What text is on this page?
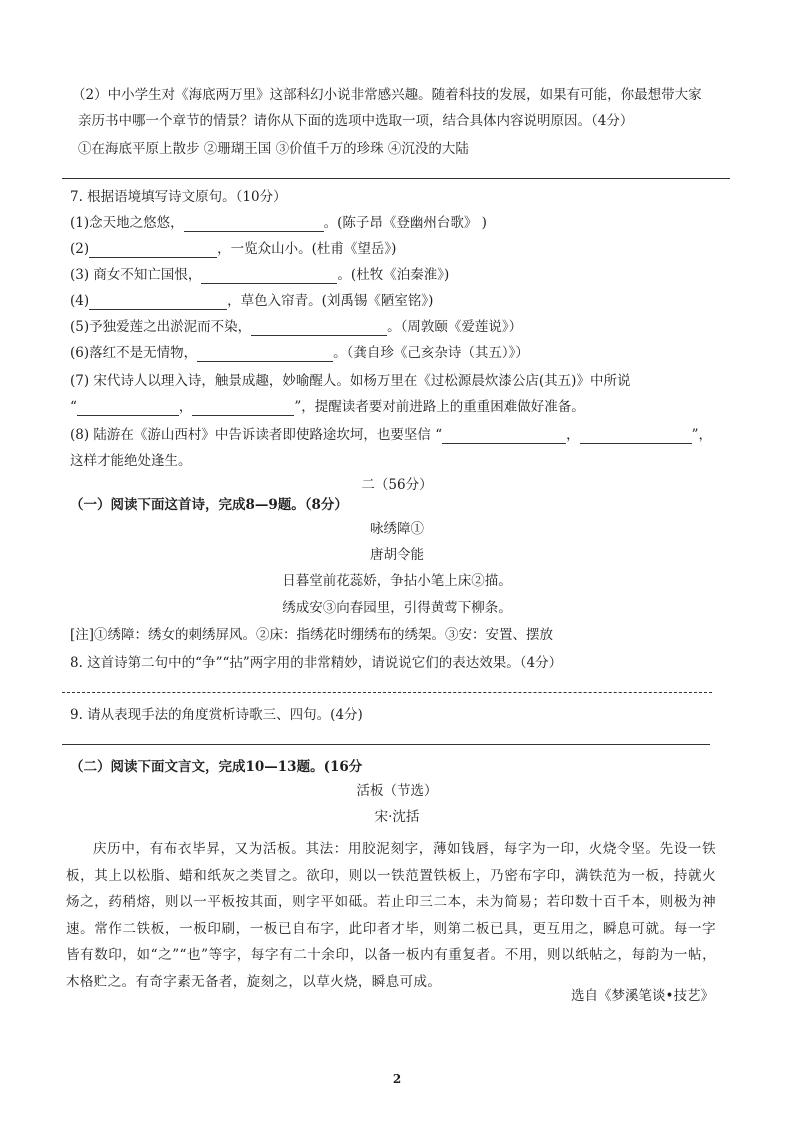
（2）中小学生对《海底两万里》这部科幻小说非常感兴趣。随着科技的发展，如果有可能，你最想带大家
亲历书中哪一个章节的情景？请你从下面的选项中选取一项，结合具体内容说明原因。（4分）
①在海底平原上散步 ②珊瑚王国 ③价值千万的珍珠 ④沉没的大陆
7. 根据语境填写诗文原句。（10分）
(1)念天地之悠悠，	。(陈子昂《登幽州台歌》 )
(2)	，一览众山小。(杜甫《望岳》)
(3) 商女不知亡国恨，	。(杜牧《泊秦淮》)
(4)	，草色入帘青。(刘禹锡《陋室铭》)
(5)予独爱莲之出淤泥而不染，	。（周敦颐《爱莲说》）
(6)落红不是无情物，	。（龚自珍《己亥杂诗（其五）》）
(7) 宋代诗人以理入诗，触景成趣，妙喻醒人。如杨万里在《过松源晨炊漆公店(其五)》中所说
“	，	”，提醒读者要对前进路上的重重困难做好准备。
(8) 陆游在《游山西村》中告诉读者即使路途坎坷，也要坚信 “	，	”，
这样才能绝处逢生。
二（56分）
（一）阅读下面这首诗，完成8—9题。（8分）
咏绣障①
唐胡令能
日暮堂前花蕊娇，争拈小笔上床②描。
绣成安③向春园里，引得黄莺下柳条。
[注]①绣障：绣女的刺绣屏风。②床：指绣花时绷绣布的绣架。③安：安置、摆放
8. 这首诗第二句中的“争”“拈”两字用的非常精妙，请说说它们的表达效果。（4分）
9. 请从表现手法的角度赏析诗歌三、四句。(4分)
（二）阅读下面文言文，完成10—13题。(16分
活板（节选）
宋·沈括
庆历中，有布衣毕昇，又为活板。其法：用胶泥刻字，薄如钱唇，每字为一印，火烧令坚。先设一铁板，其上以松脂、蜡和纸灰之类冒之。欲印，则以一铁范置铁板上，乃密布字印，满铁范为一板，持就火炀之，药稍熔，则以一平板按其面，则字平如砥。若止印三二本，未为简易；若印数十百千本，则极为神速。常作二铁板，一板印刷，一板已自布字，此印者才毕，则第二板已具，更互用之，瞬息可就。每一字皆有数印，如“之”“也”等字，每字有二十余印，以备一板内有重复者。不用，则以纸帖之，每韵为一帖，木格贮之。有奇字素无备者，旋刻之，以草火烧，瞬息可成。
选自《梦溪笔谈•技艺》
2
